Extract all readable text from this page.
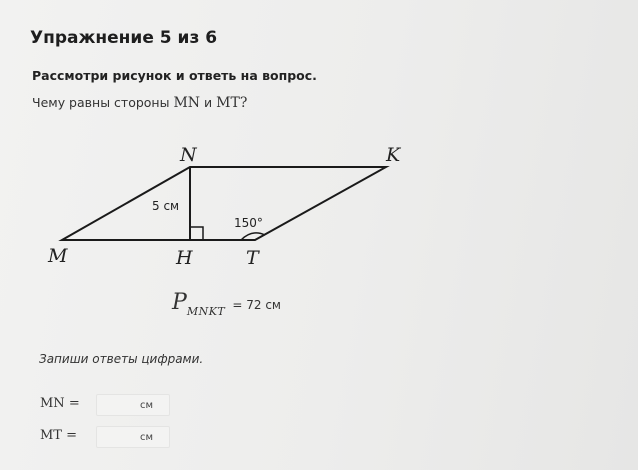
Упражнение 5 из 6
Рассмотри рисунок и ответь на вопрос.
Чему равны стороны MN и MT?
N	K
M	H	T
5 см
150°
$P_{MNKT} = 72$ см
Запиши ответы цифрами.
MN =	см
MT =	см
